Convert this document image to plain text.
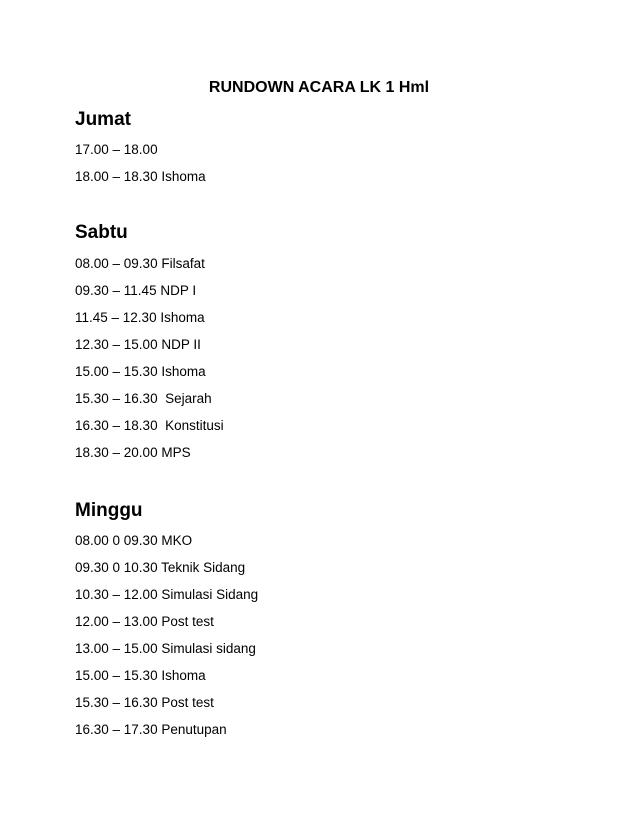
RUNDOWN ACARA LK 1 Hml
Jumat

17.00 – 18.00

18.00 – 18.30 Ishoma

Sabtu

08.00 – 09.30 Filsafat

09.30 – 11.45 NDP I

11.45 – 12.30 Ishoma

12.30 – 15.00 NDP II

15.00 – 15.30 Ishoma

15.30 – 16.30  Sejarah

16.30 – 18.30  Konstitusi

18.30 – 20.00 MPS

Minggu

08.00 0 09.30 MKO

09.30 0 10.30 Teknik Sidang

10.30 – 12.00 Simulasi Sidang

12.00 – 13.00 Post test

13.00 – 15.00 Simulasi sidang

15.00 – 15.30 Ishoma

15.30 – 16.30 Post test

16.30 – 17.30 Penutupan
